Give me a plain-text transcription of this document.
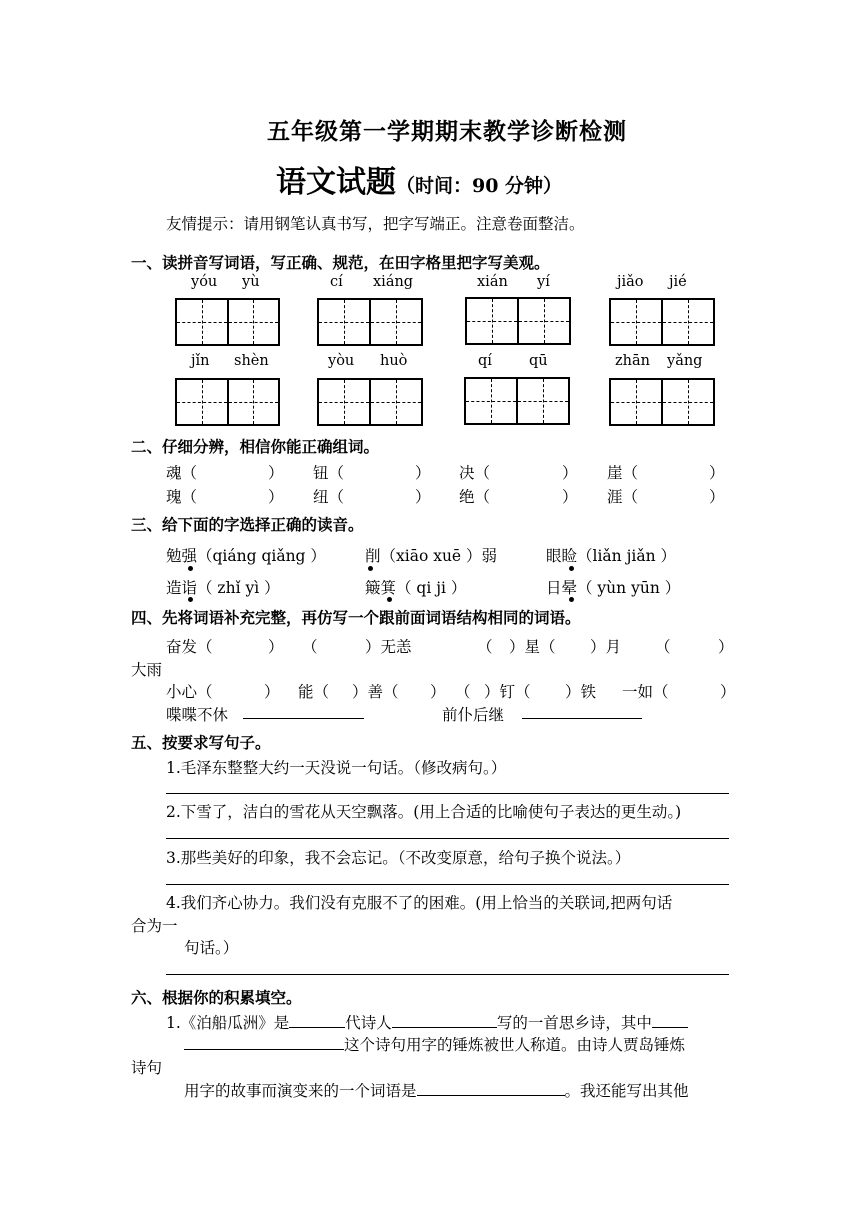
五年级第一学期期末教学诊断检测
语文试题（时间：90 分钟）
友情提示：请用钢笔认真书写，把字写端正。注意卷面整洁。
一、读拼音写词语，写正确、规范，在田字格里把字写美观。
yóu yù	cí xiáng	xián yí	jiǎo jié
jǐn shèn	yòu huò	qí	qū	zhān yǎng
二、仔细分辨，相信你能正确组词。
魂（	） 钮（	） 决（	） 崖（	）
瑰（	） 纽（	） 绝（	） 涯（	）
三、给下面的字选择正确的读音。
勉强（qiáng qiǎng ）	削（xiāo xuē ）弱	眼睑（liǎn jiǎn ）
造诣（ zhǐ yì ）	簸箕（ qi ji ）	日晕（ yùn yūn ）
四、先将词语补充完整，再仿写一个跟前面词语结构相同的词语。
奋发（	） （	）无恙	（ ）星（ ）月 （	）
大雨
小心（	） 能（ ）善（ ） （ ）钉（ ）铁 一如（	）
喋喋不休	前仆后继
五、按要求写句子。
1.毛泽东整整大约一天没说一句话。（修改病句。）
2.下雪了，洁白的雪花从天空飘落。(用上合适的比喻使句子表达的更生动。)
3.那些美好的印象，我不会忘记。（不改变原意，给句子换个说法。）
4.我们齐心协力。我们没有克服不了的困难。(用上恰当的关联词,把两句话
合为一
句话。）
六、根据你的积累填空。
1.《泊船瓜洲》是	代诗人	写的一首思乡诗，其中
这个诗句用字的锤炼被世人称道。由诗人贾岛锤炼
诗句
用字的故事而演变来的一个词语是	。我还能写出其他
